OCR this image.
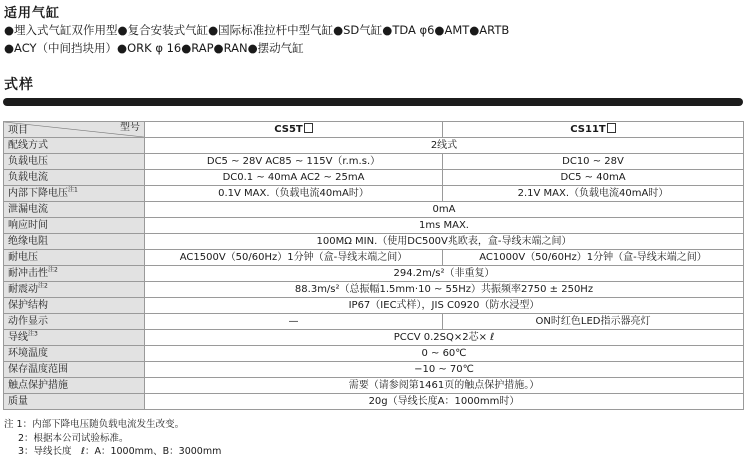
适用气缸
●埋入式气缸双作用型●复合安装式气缸●国际标准拉杆中型气缸●SD气缸●TDA φ6●AMT●ARTB
●ACY（中间挡块用）●ORK φ 16●RAP●RAN●摆动气缸
式样
项目 型号	CS5T	CS11T
配线方式	2线式	
负载电压	DC5 ~ 28V AC85 ~ 115V（r.m.s.）	DC10 ~ 28V
负载电流	DC0.1 ~ 40mA AC2 ~ 25mA	DC5 ~ 40mA
内部下降电压$^{注1}$	0.1V MAX.（负载电流40mA时）	2.1V MAX.（负载电流40mA时）
泄漏电流	0mA	
响应时间	1ms MAX.	
绝缘电阻	100MΩ MIN.（使用DC500V兆欧表，盒-导线末端之间）	
耐电压	AC1500V（50/60Hz）1分钟（盒-导线末端之间）	AC1000V（50/60Hz）1分钟（盒-导线末端之间）
耐冲击性$^{注2}$	294.2m/s²（非重复）	
耐震动$^{注2}$	88.3m/s²（总振幅1.5mm·10 ~ 55Hz）共振频率2750 ± 250Hz	
保护结构	IP67（IEC式样），JIS C0920（防水浸型）	
动作显示	—	ON时红色LED指示器亮灯
导线$^{注3}$	PCCV 0.2SQ×2芯× ℓ	
环境温度	0 ~ 60℃	
保存温度范围	−10 ~ 70℃	
触点保护措施	需要（请参阅第1461页的触点保护措施。）	
质量	20g（导线长度A：1000mm时）	
注 1：内部下降电压随负载电流发生改变。
2：根据本公司试验标准。
3：导线长度　ℓ：A：1000mm、B：3000mm
